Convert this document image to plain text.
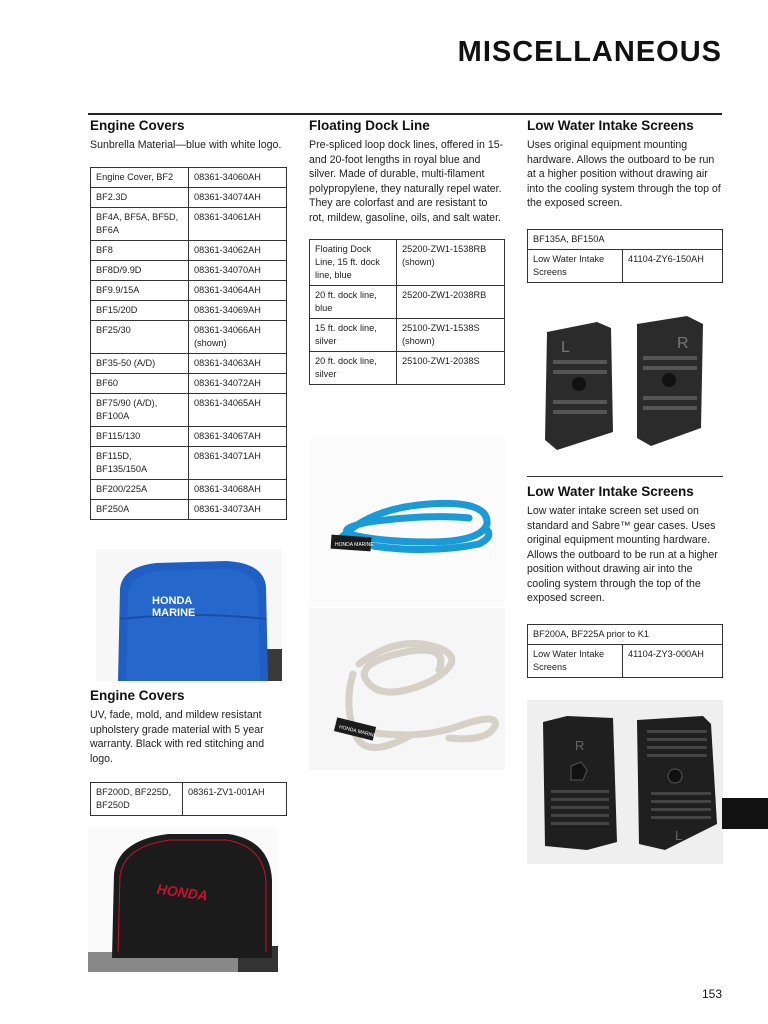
MISCELLANEOUS
Engine Covers

Sunbrella Material—blue with white logo.

Engine Cover, BF2	08361-34060AH
BF2.3D	08361-34074AH
BF4A, BF5A, BF5D, BF6A	08361-34061AH
BF8	08361-34062AH
BF8D/9.9D	08361-34070AH
BF9.9/15A	08361-34064AH
BF15/20D	08361-34069AH
BF25/30	08361-34066AH (shown)
BF35-50 (A/D)	08361-34063AH
BF60	08361-34072AH
BF75/90 (A/D), BF100A	08361-34065AH
BF115/130	08361-34067AH
BF115D, BF135/150A	08361-34071AH
BF200/225A	08361-34068AH
BF250A	08361-34073AH
HONDA
MARINE
Engine Covers

UV, fade, mold, and mildew resistant upholstery grade material with 5 year warranty. Black with red stitching and logo.

BF200D, BF225D, BF250D	08361-ZV1-001AH
HONDA
Floating Dock Line

Pre-spliced loop dock lines, offered in 15- and 20-foot lengths in royal blue and silver. Made of durable, multi-filament polypropylene, they naturally repel water. They are colorfast and are resistant to rot, mildew, gasoline, oils, and salt water.

Floating Dock Line, 15 ft. dock line, blue	25200-ZW1-1538RB (shown)
20 ft. dock line, blue	25200-ZW1-2038RB
15 ft. dock line, silver	25100-ZW1-1538S (shown)
20 ft. dock line, silver	25100-ZW1-2038S
HONDA MARINE
HONDA MARINE
Low Water Intake Screens

Uses original equipment mounting hardware. Allows the outboard to be run at a higher position without drawing air into the cooling system through the top of the exposed screen.

BF135A, BF150A
Low Water Intake Screens	41104-ZY6-150AH
L	R
Low Water Intake Screens

Low water intake screen set used on standard and Sabre™ gear cases. Uses original equipment mounting hardware. Allows the outboard to be run at a higher position without drawing air into the cooling system through the top of the exposed screen.

BF200A, BF225A prior to K1
Low Water Intake Screens	41104-ZY3-000AH
R
L
153
